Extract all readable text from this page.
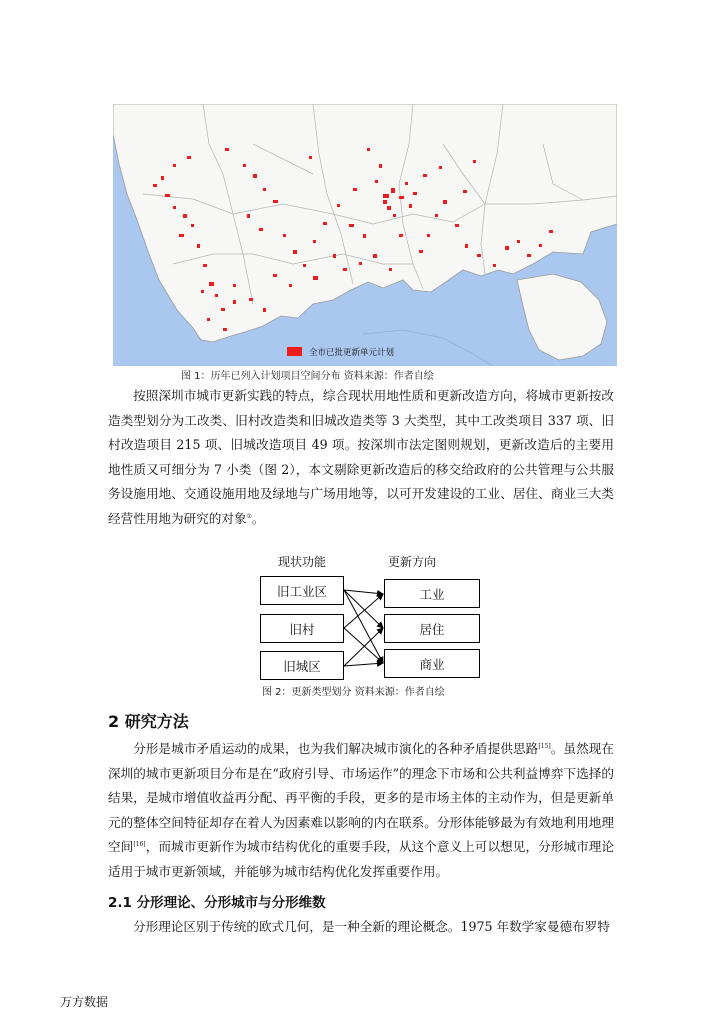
全市已批更新单元计划
图 1：历年已列入计划项目空间分布 资料来源：作者自绘

按照深圳市城市更新实践的特点，综合现状用地性质和更新改造方向，将城市更新按改造类型划分为工改类、旧村改造类和旧城改造类等 3 大类型，其中工改类项目 337 项、旧村改造项目 215 项、旧城改造项目 49 项。按深圳市法定图则规划，更新改造后的主要用地性质又可细分为 7 小类（图 2），本文剔除更新改造后的移交给政府的公共管理与公共服务设施用地、交通设施用地及绿地与广场用地等，以可开发建设的工业、居住、商业三大类经营性用地为研究的对象①。

现状功能	更新方向
旧工业区
旧村
旧城区
工业
居住
商业
图 2：更新类型划分 资料来源：作者自绘
2 研究方法

分形是城市矛盾运动的成果，也为我们解决城市演化的各种矛盾提供思路[15]。虽然现在深圳的城市更新项目分布是在“政府引导、市场运作”的理念下市场和公共利益博弈下选择的结果，是城市增值收益再分配、再平衡的手段，更多的是市场主体的主动作为，但是更新单元的整体空间特征却存在着人为因素难以影响的内在联系。分形体能够最为有效地利用地理空间[16]，而城市更新作为城市结构优化的重要手段，从这个意义上可以想见，分形城市理论适用于城市更新领域，并能够为城市结构优化发挥重要作用。

2.1 分形理论、分形城市与分形维数

分形理论区别于传统的欧式几何，是一种全新的理论概念。1975 年数学家曼德布罗特

万方数据
